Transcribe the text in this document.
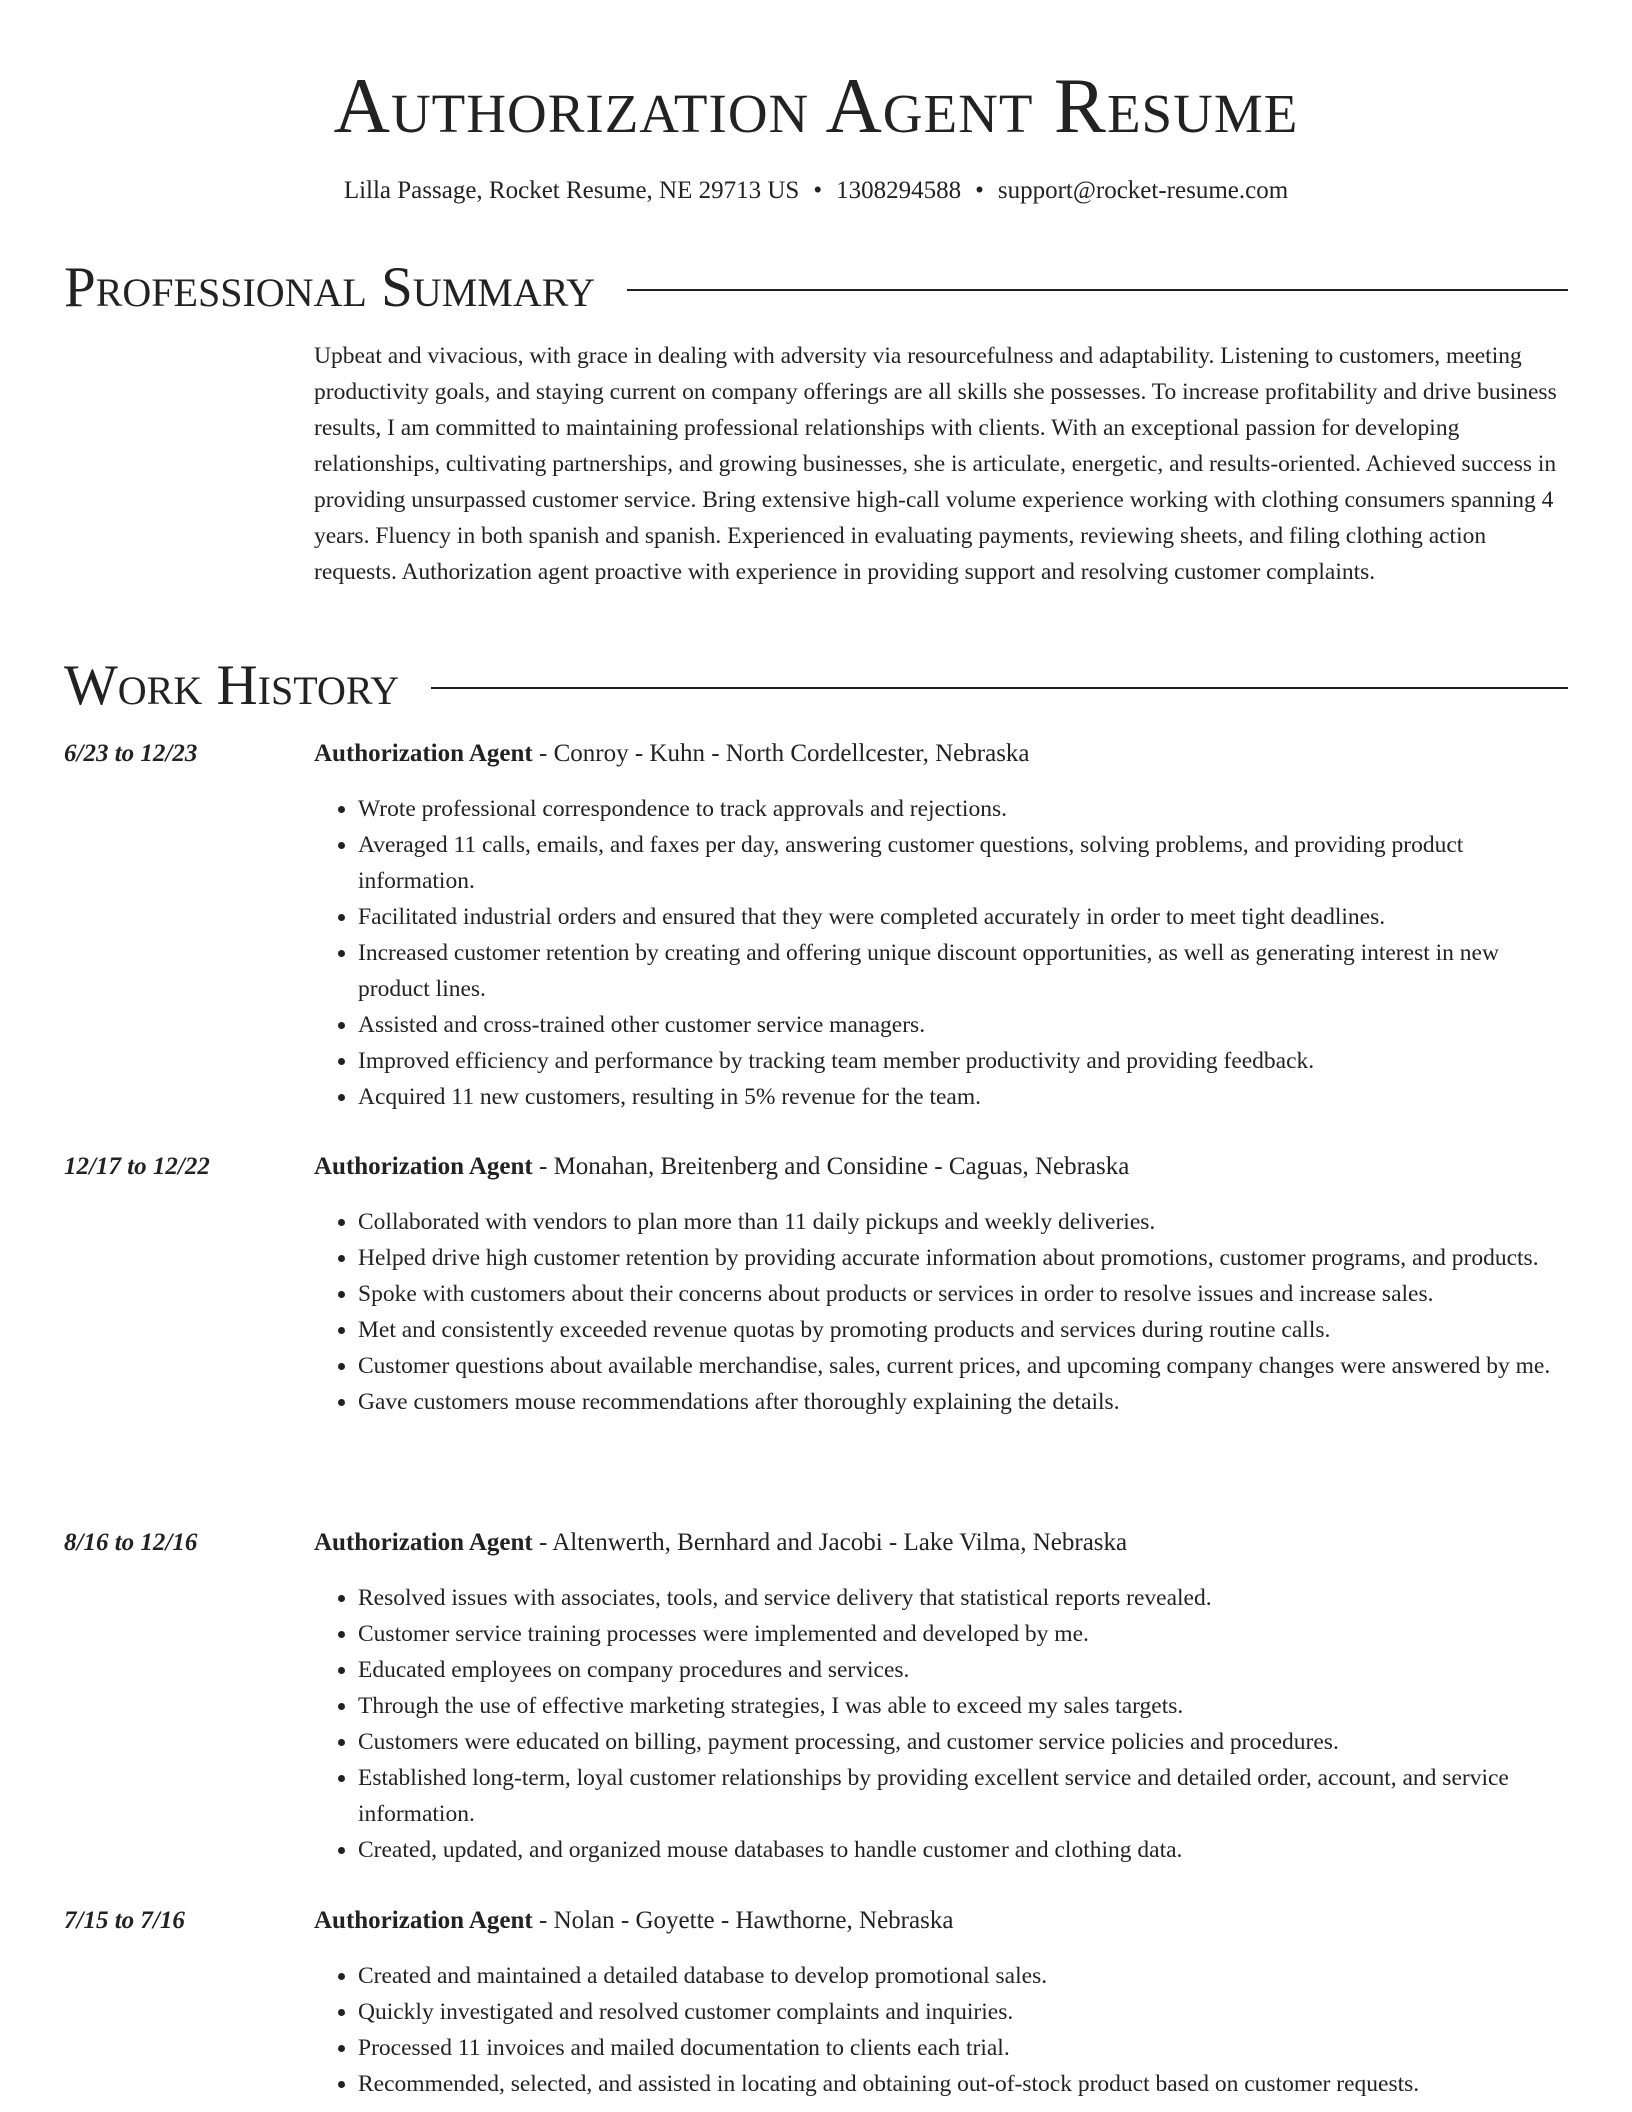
Authorization Agent Resume
Lilla Passage, Rocket Resume, NE 29713 US • 1308294588 • support@rocket-resume.com
Professional Summary

Upbeat and vivacious, with grace in dealing with adversity via resourcefulness and adaptability. Listening to customers, meeting productivity goals, and staying current on company offerings are all skills she possesses. To increase profitability and drive business results, I am committed to maintaining professional relationships with clients. With an exceptional passion for developing relationships, cultivating partnerships, and growing businesses, she is articulate, energetic, and results-oriented. Achieved success in providing unsurpassed customer service. Bring extensive high-call volume experience working with clothing consumers spanning 4 years. Fluency in both spanish and spanish. Experienced in evaluating payments, reviewing sheets, and filing clothing action requests. Authorization agent proactive with experience in providing support and resolving customer complaints.

Work History
6/23 to 12/23	Authorization Agent - Conroy - Kuhn - North Cordellcester, Nebraska
• Wrote professional correspondence to track approvals and rejections.
• Averaged 11 calls, emails, and faxes per day, answering customer questions, solving problems, and providing product information.
• Facilitated industrial orders and ensured that they were completed accurately in order to meet tight deadlines.
• Increased customer retention by creating and offering unique discount opportunities, as well as generating interest in new product lines.
• Assisted and cross-trained other customer service managers.
• Improved efficiency and performance by tracking team member productivity and providing feedback.
• Acquired 11 new customers, resulting in 5% revenue for the team.
12/17 to 12/22	Authorization Agent - Monahan, Breitenberg and Considine - Caguas, Nebraska
• Collaborated with vendors to plan more than 11 daily pickups and weekly deliveries.
• Helped drive high customer retention by providing accurate information about promotions, customer programs, and products.
• Spoke with customers about their concerns about products or services in order to resolve issues and increase sales.
• Met and consistently exceeded revenue quotas by promoting products and services during routine calls.
• Customer questions about available merchandise, sales, current prices, and upcoming company changes were answered by me.
• Gave customers mouse recommendations after thoroughly explaining the details.
8/16 to 12/16	Authorization Agent - Altenwerth, Bernhard and Jacobi - Lake Vilma, Nebraska
• Resolved issues with associates, tools, and service delivery that statistical reports revealed.
• Customer service training processes were implemented and developed by me.
• Educated employees on company procedures and services.
• Through the use of effective marketing strategies, I was able to exceed my sales targets.
• Customers were educated on billing, payment processing, and customer service policies and procedures.
• Established long-term, loyal customer relationships by providing excellent service and detailed order, account, and service information.
• Created, updated, and organized mouse databases to handle customer and clothing data.
7/15 to 7/16	Authorization Agent - Nolan - Goyette - Hawthorne, Nebraska
• Created and maintained a detailed database to develop promotional sales.
• Quickly investigated and resolved customer complaints and inquiries.
• Processed 11 invoices and mailed documentation to clients each trial.
• Recommended, selected, and assisted in locating and obtaining out-of-stock product based on customer requests.
